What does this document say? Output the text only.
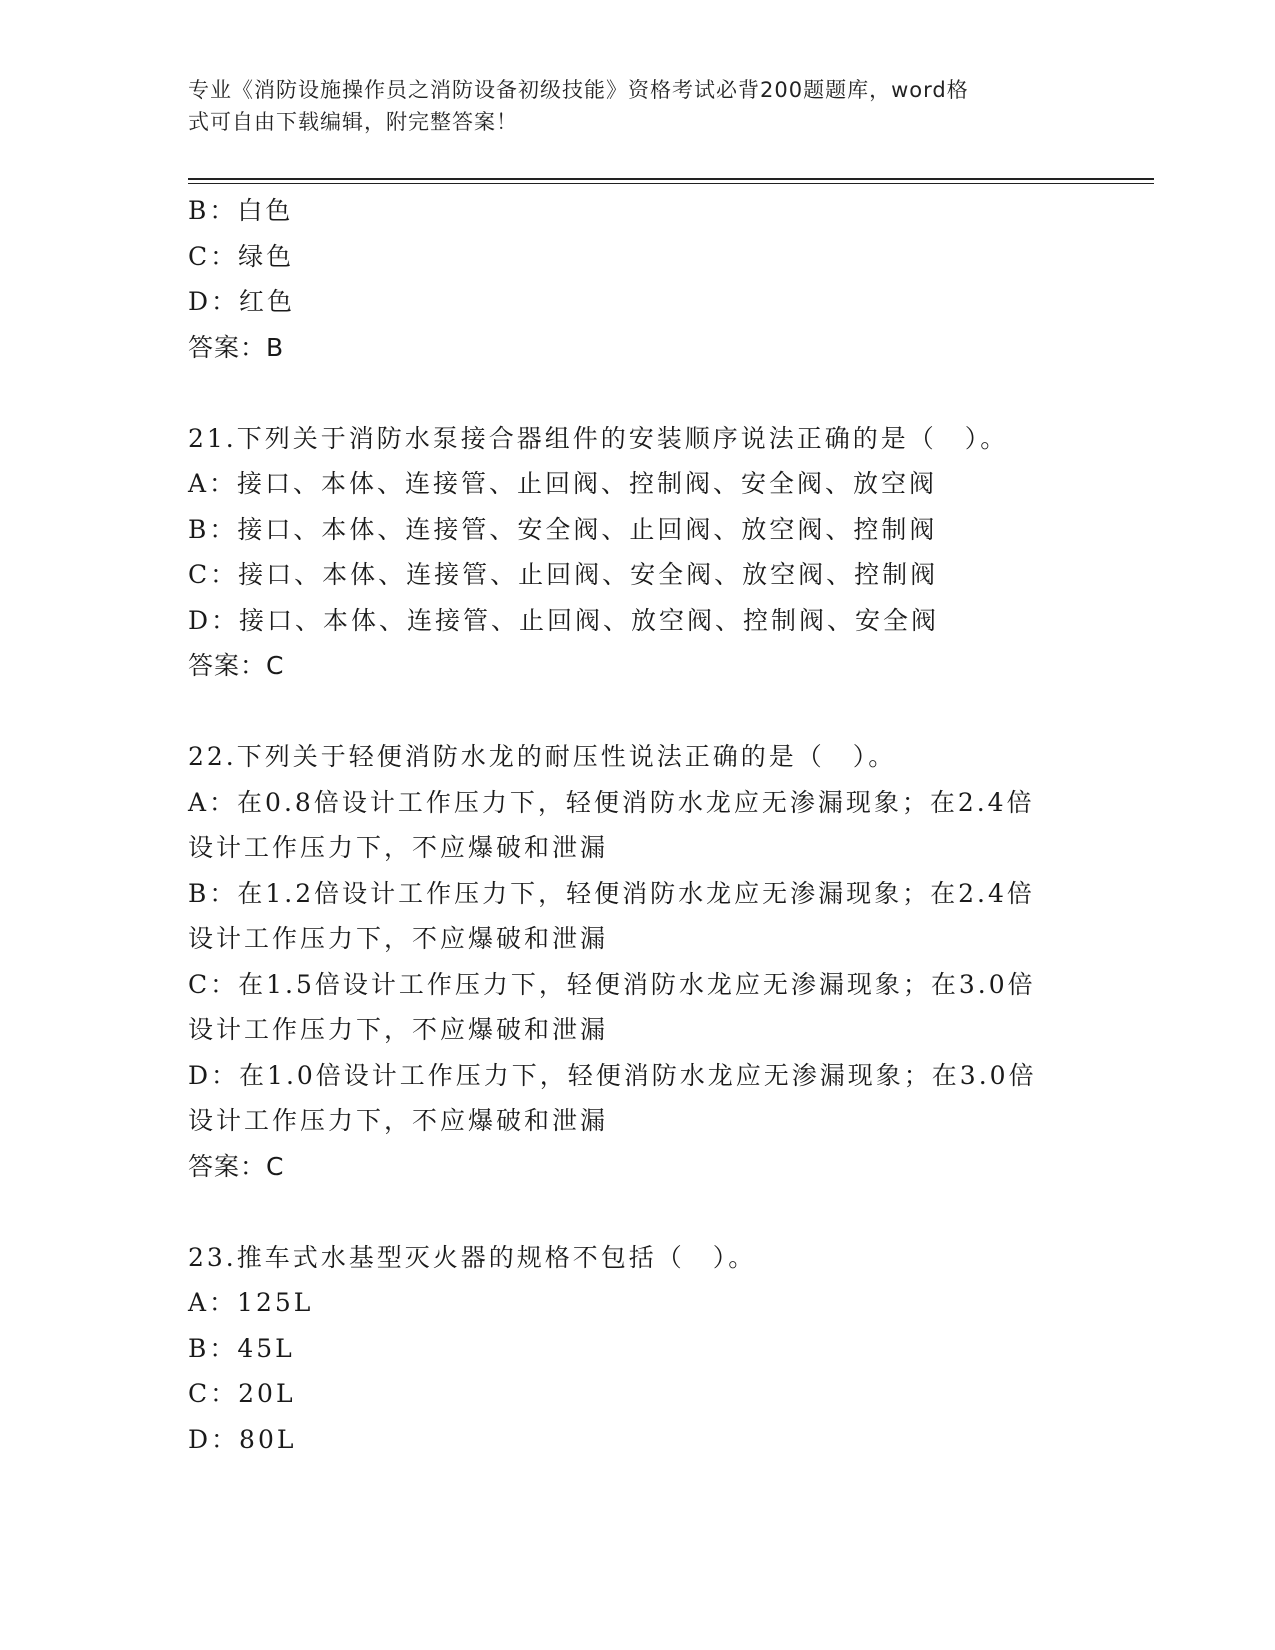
专业《消防设施操作员之消防设备初级技能》资格考试必背200题题库，word格
式可自由下载编辑，附完整答案！
B：白色
C：绿色
D：红色
答案：B
21.下列关于消防水泵接合器组件的安装顺序说法正确的是（　）。
A：接口、本体、连接管、止回阀、控制阀、安全阀、放空阀
B：接口、本体、连接管、安全阀、止回阀、放空阀、控制阀
C：接口、本体、连接管、止回阀、安全阀、放空阀、控制阀
D：接口、本体、连接管、止回阀、放空阀、控制阀、安全阀
答案：C
22.下列关于轻便消防水龙的耐压性说法正确的是（　）。
A：在0.8倍设计工作压力下，轻便消防水龙应无渗漏现象；在2.4倍
设计工作压力下，不应爆破和泄漏
B：在1.2倍设计工作压力下，轻便消防水龙应无渗漏现象；在2.4倍
设计工作压力下，不应爆破和泄漏
C：在1.5倍设计工作压力下，轻便消防水龙应无渗漏现象；在3.0倍
设计工作压力下，不应爆破和泄漏
D：在1.0倍设计工作压力下，轻便消防水龙应无渗漏现象；在3.0倍
设计工作压力下，不应爆破和泄漏
答案：C
23.推车式水基型灭火器的规格不包括（　）。
A：125L
B：45L
C：20L
D：80L
